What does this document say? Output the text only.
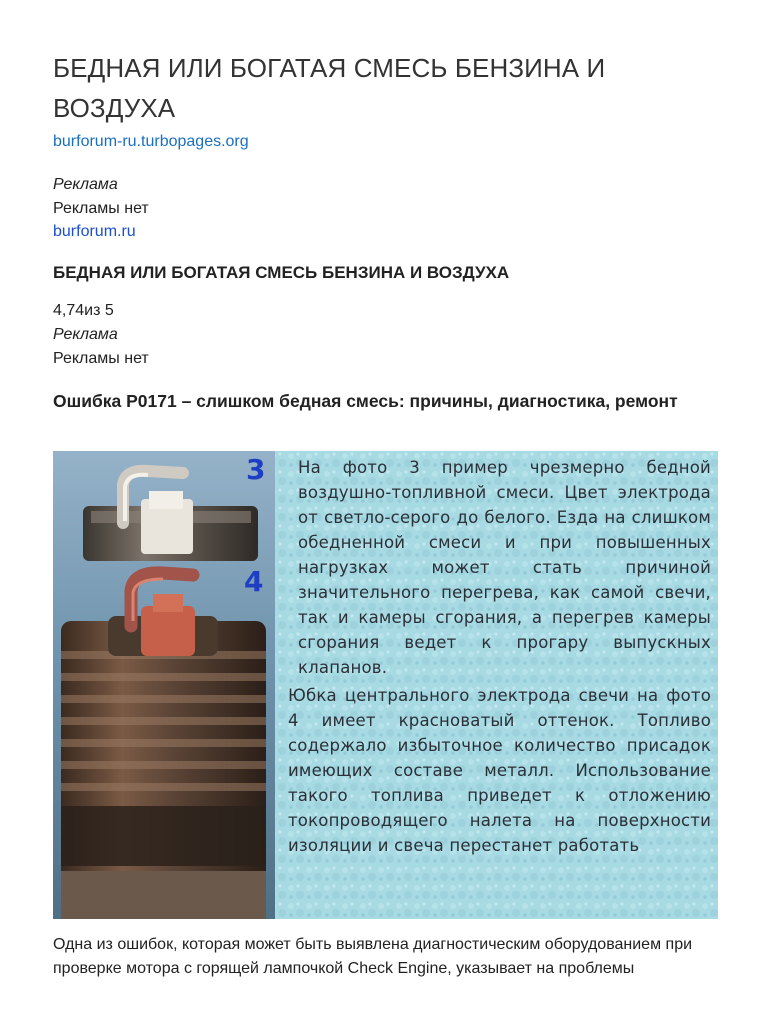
БЕДНАЯ ИЛИ БОГАТАЯ СМЕСЬ БЕНЗИНА И ВОЗДУХА
burforum-ru.turbopages.org
Реклама
Рекламы нет
burforum.ru
БЕДНАЯ ИЛИ БОГАТАЯ СМЕСЬ БЕНЗИНА И ВОЗДУХА
4,74из 5
Реклама
Рекламы нет
Ошибка P0171 – слишком бедная смесь: причины, диагностика, ремонт
3
4
На фото 3 пример чрезмерно бедной воздушно-топливной смеси. Цвет электрода от светло-серого до белого. Езда на слишком обедненной смеси и при повышенных нагрузках может стать причиной значительного перегрева, как самой свечи, так и камеры сгорания, а перегрев камеры сгорания ведет к прогару выпускных клапанов.
Юбка центрального электрода свечи на фото 4 имеет красноватый оттенок. Топливо содержало избыточное количество присадок имеющих составе металл. Использование такого топлива приведет к отложению токопроводящего налета на поверхности изоляции и свеча перестанет работать
Одна из ошибок, которая может быть выявлена диагностическим оборудованием при проверке мотора с горящей лампочкой Check Engine, указывает на проблемы
